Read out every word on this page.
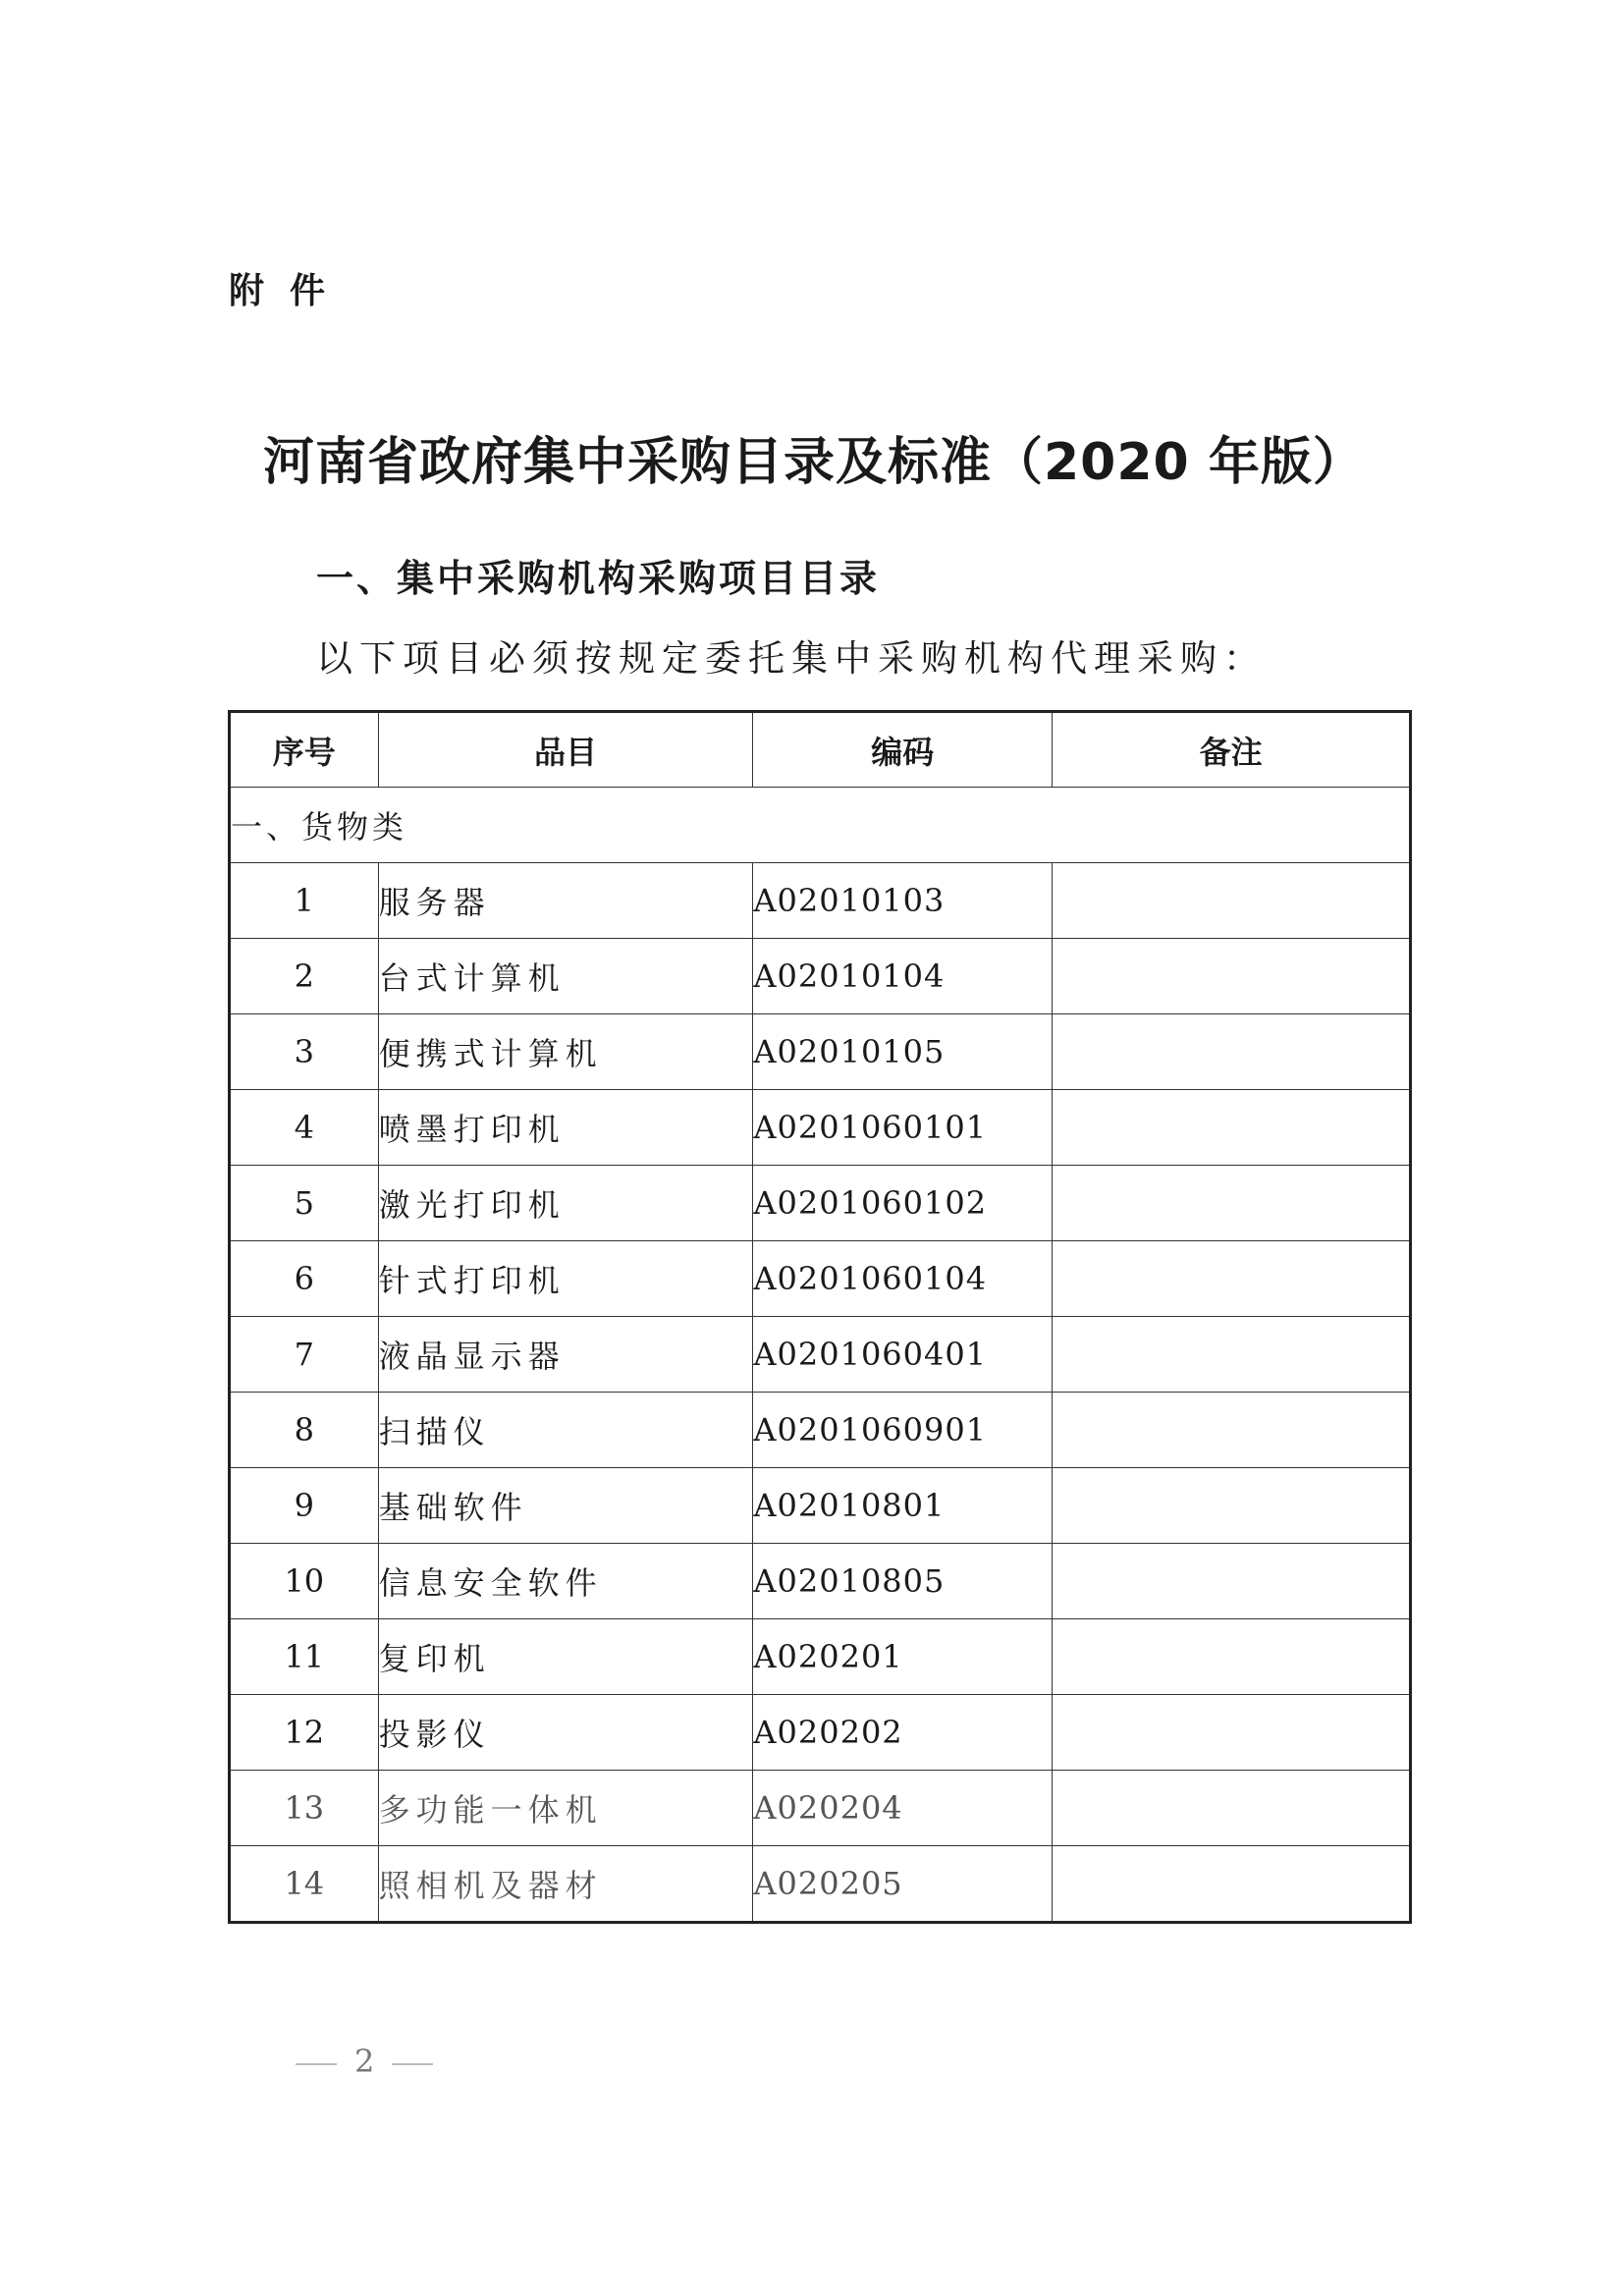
附件
河南省政府集中采购目录及标准（2020 年版）
一、集中采购机构采购项目目录
以下项目必须按规定委托集中采购机构代理采购：
序号	品目	编码	备注
一、货物类			
1	服务器	A02010103	
2	台式计算机	A02010104	
3	便携式计算机	A02010105	
4	喷墨打印机	A0201060101	
5	激光打印机	A0201060102	
6	针式打印机	A0201060104	
7	液晶显示器	A0201060401	
8	扫描仪	A0201060901	
9	基础软件	A02010801	
10	信息安全软件	A02010805	
11	复印机	A020201	
12	投影仪	A020202	
13	多功能一体机	A020204	
14	照相机及器材	A020205	
2
